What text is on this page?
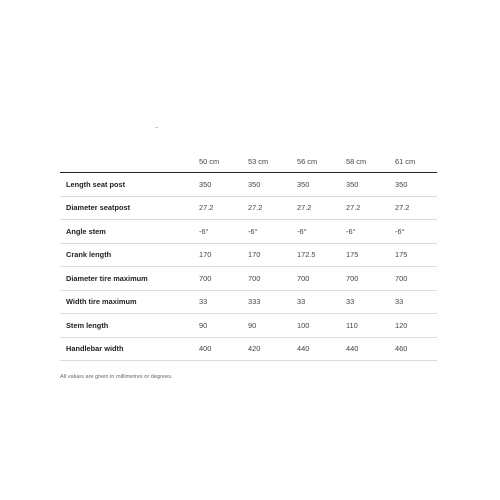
	50 cm	53 cm	56 cm	58 cm	61 cm
Length seat post	350	350	350	350	350
Diameter seatpost	27.2	27.2	27.2	27.2	27.2
Angle stem	-6°	-6°	-6°	-6°	-6°
Crank length	170	170	172.5	175	175
Diameter tire maximum	700	700	700	700	700
Width tire maximum	33	333	33	33	33
Stem length	90	90	100	110	120
Handlebar width	400	420	440	440	460
All values are given in millimetres or degrees.
